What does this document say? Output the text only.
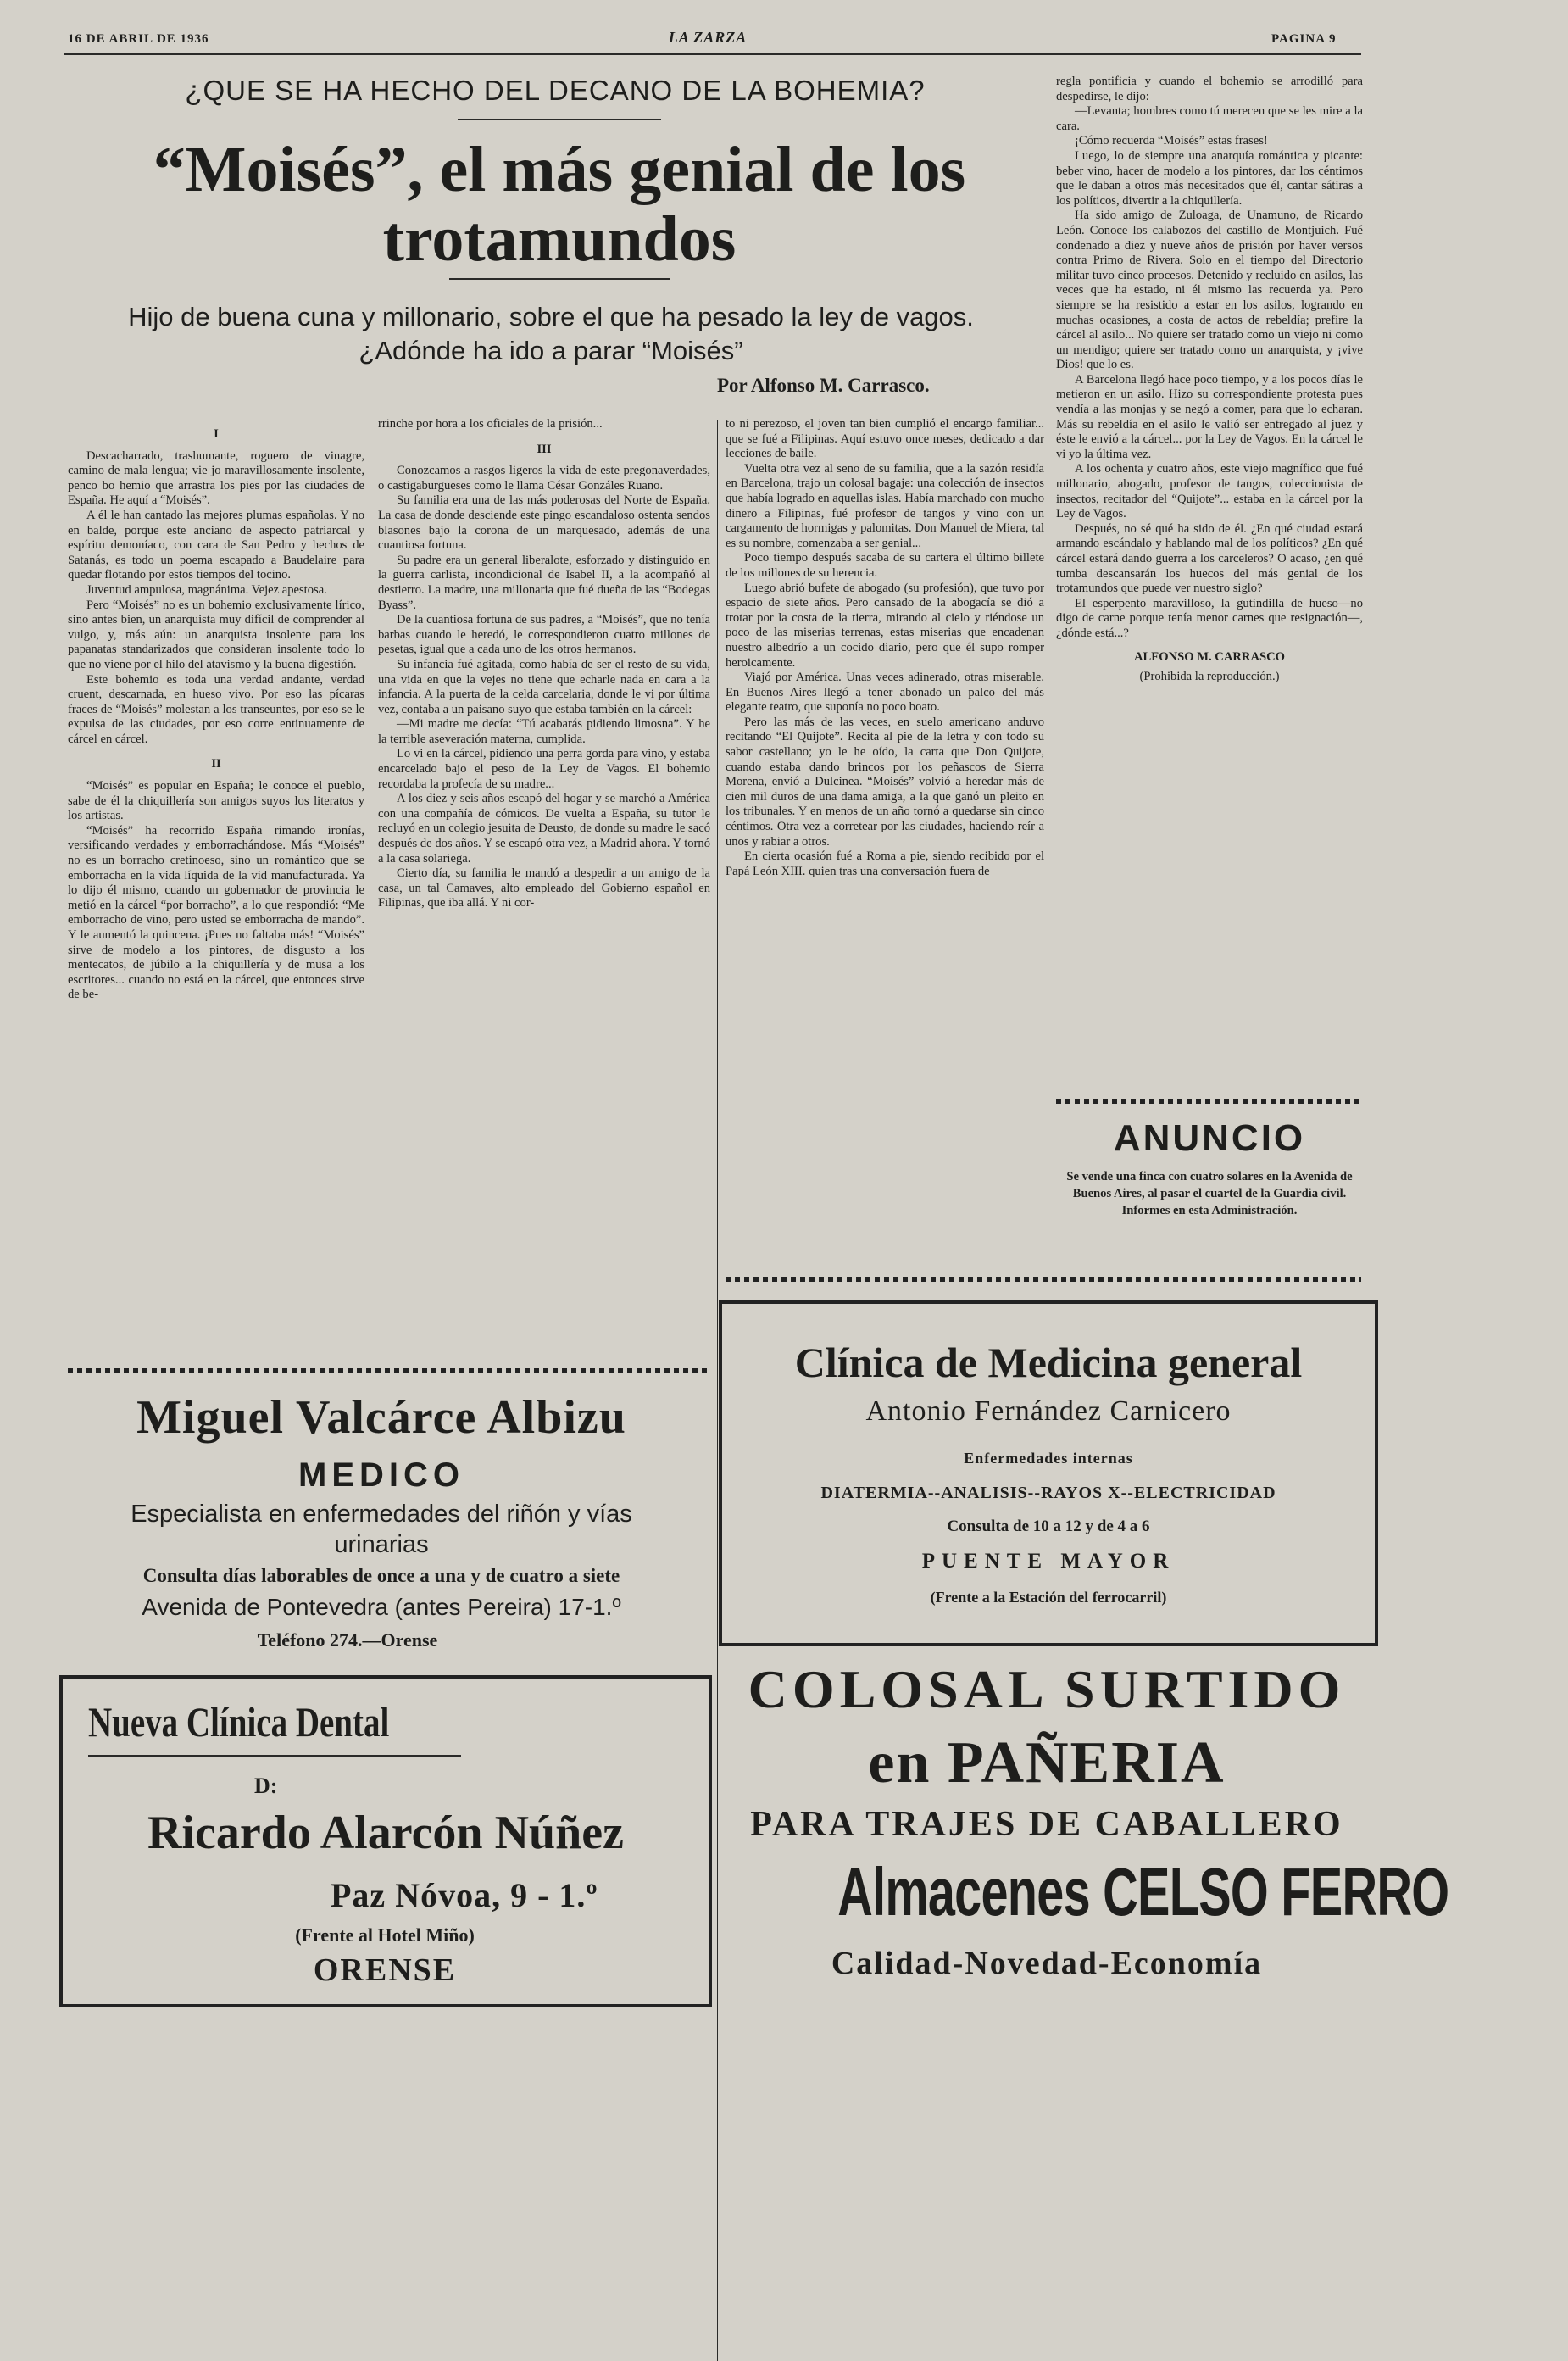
16 DE ABRIL DE 1936	LA ZARZA	PAGINA 9
¿QUE SE HA HECHO DEL DECANO DE LA BOHEMIA?
“Moisés”, el más genial de los
trotamundos
Hijo de buena cuna y millonario, sobre el que ha pesado la ley de vagos.
¿Adónde ha ido a parar “Moisés”
Por Alfonso M. Carrasco.

I

Descacharrado, trashumante, roguero de vinagre, camino de mala lengua; vie jo maravillosamente insolente, penco bo hemio que arrastra los pies por las ciudades de España. He aquí a “Moisés”.

A él le han cantado las mejores plumas españolas. Y no en balde, porque este anciano de aspecto patriarcal y espíritu demoníaco, con cara de San Pedro y hechos de Satanás, es todo un poema escapado a Baudelaire para quedar flotando por estos tiempos del tocino.

Juventud ampulosa, magnánima. Vejez apestosa.

Pero “Moisés” no es un bohemio exclusivamente lírico, sino antes bien, un anarquista muy difícil de comprender al vulgo, y, más aún: un anarquista insolente para los papanatas standarizados que consideran insolente todo lo que no viene por el hilo del atavismo y la buena digestión.

Este bohemio es toda una verdad andante, verdad cruent, descarnada, en hueso vivo. Por eso las pícaras fraces de “Moisés” molestan a los transeuntes, por eso se le expulsa de las ciudades, por eso corre entinuamente de cárcel en cárcel.

II

“Moisés” es popular en España; le conoce el pueblo, sabe de él la chiquillería son amigos suyos los literatos y los artistas.

“Moisés” ha recorrido España rimando ironías, versificando verdades y emborrachándose. Más “Moisés” no es un borracho cretinoeso, sino un romántico que se emborracha en la vida líquida de la vid manufacturada. Ya lo dijo él mismo, cuando un gobernador de provincia le metió en la cárcel “por borracho”, a lo que respondió: “Me emborracho de vino, pero usted se emborracha de mando”. Y le aumentó la quincena. ¡Pues no faltaba más! “Moisés” sirve de modelo a los pintores, de disgusto a los mentecatos, de júbilo a la chiquillería y de musa a los escritores... cuando no está en la cárcel, que entonces sirve de be-

rrinche por hora a los oficiales de la prisión...

III

Conozcamos a rasgos ligeros la vida de este pregonaverdades, o castigaburgueses como le llama César Gonzáles Ruano.

Su familia era una de las más poderosas del Norte de España. La casa de donde desciende este pingo escandaloso ostenta sendos blasones bajo la corona de un marquesado, además de una cuantiosa fortuna.

Su padre era un general liberalote, esforzado y distinguido en la guerra carlista, incondicional de Isabel II, a la acompañó al destierro. La madre, una millonaria que fué dueña de las “Bodegas Byass”.

De la cuantiosa fortuna de sus padres, a “Moisés”, que no tenía barbas cuando le heredó, le correspondieron cuatro millones de pesetas, igual que a cada uno de los otros hermanos.

Su infancia fué agitada, como había de ser el resto de su vida, una vida en que la vejes no tiene que echarle nada en cara a la infancia. A la puerta de la celda carcelaria, donde le vi por última vez, contaba a un paisano suyo que estaba también en la cárcel:

—Mi madre me decía: “Tú acabarás pidiendo limosna”. Y he la terrible aseveración materna, cumplida.

Lo vi en la cárcel, pidiendo una perra gorda para vino, y estaba encarcelado bajo el peso de la Ley de Vagos. El bohemio recordaba la profecía de su madre...

A los diez y seis años escapó del hogar y se marchó a América con una compañía de cómicos. De vuelta a España, su tutor le recluyó en un colegio jesuita de Deusto, de donde su madre le sacó después de dos años. Y se escapó otra vez, a Madrid ahora. Y tornó a la casa solariega.

Cierto día, su familia le mandó a despedir a un amigo de la casa, un tal Camaves, alto empleado del Gobierno español en Filipinas, que iba allá. Y ni cor-

to ni perezoso, el joven tan bien cumplió el encargo familiar... que se fué a Filipinas. Aquí estuvo once meses, dedicado a dar lecciones de baile.

Vuelta otra vez al seno de su familia, que a la sazón residía en Barcelona, trajo un colosal bagaje: una colección de insectos que había logrado en aquellas islas. Había marchado con mucho dinero a Filipinas, fué profesor de tangos y vino con un cargamento de hormigas y palomitas. Don Manuel de Miera, tal es su nombre, comenzaba a ser genial...

Poco tiempo después sacaba de su cartera el último billete de los millones de su herencia.

Luego abrió bufete de abogado (su profesión), que tuvo por espacio de siete años. Pero cansado de la abogacía se dió a trotar por la costa de la tierra, mirando al cielo y riéndose un poco de las miserias terrenas, estas miserias que encadenan nuestro albedrío a un cocido diario, pero que él supo romper heroicamente.

Viajó por América. Unas veces adinerado, otras miserable. En Buenos Aires llegó a tener abonado un palco del más elegante teatro, que suponía no poco boato.

Pero las más de las veces, en suelo americano anduvo recitando “El Quijote”. Recita al pie de la letra y con todo su sabor castellano; yo le he oído, la carta que Don Quijote, cuando estaba dando brincos por los peñascos de Sierra Morena, envió a Dulcinea. “Moisés” volvió a heredar más de cien mil duros de una dama amiga, a la que ganó un pleito en los tribunales. Y en menos de un año tornó a quedarse sin cinco céntimos. Otra vez a corretear por las ciudades, haciendo reír a unos y rabiar a otros.

En cierta ocasión fué a Roma a pie, siendo recibido por el Papá León XIII. quien tras una conversación fuera de

regla pontificia y cuando el bohemio se arrodilló para despedirse, le dijo:

—Levanta; hombres como tú merecen que se les mire a la cara.

¡Cómo recuerda “Moisés” estas frases!

Luego, lo de siempre una anarquía romántica y picante: beber vino, hacer de modelo a los pintores, dar los céntimos que le daban a otros más necesitados que él, cantar sátiras a los políticos, divertir a la chiquillería.

Ha sido amigo de Zuloaga, de Unamuno, de Ricardo León. Conoce los calabozos del castillo de Montjuich. Fué condenado a diez y nueve años de prisión por haver versos contra Primo de Rivera. Solo en el tiempo del Directorio militar tuvo cinco procesos. Detenido y recluido en asilos, las veces que ha estado, ni él mismo las recuerda ya. Pero siempre se ha resistido a estar en los asilos, logrando en muchas ocasiones, a costa de actos de rebeldía; prefire la cárcel al asilo... No quiere ser tratado como un viejo ni como un mendigo; quiere ser tratado como un anarquista, y ¡vive Dios! que lo es.

A Barcelona llegó hace poco tiempo, y a los pocos días le metieron en un asilo. Hizo su correspondiente protesta pues vendía a las monjas y se negó a comer, para que lo echaran. Más su rebeldía en el asilo le valió ser entregado al juez y éste le envió a la cárcel... por la Ley de Vagos. En la cárcel le vi yo la última vez.

A los ochenta y cuatro años, este viejo magnífico que fué millonario, abogado, profesor de tangos, coleccionista de insectos, recitador del “Quijote”... estaba en la cárcel por la Ley de Vagos.

Después, no sé qué ha sido de él. ¿En qué ciudad estará armando escándalo y hablando mal de los políticos? ¿En qué cárcel estará dando guerra a los carceleros? O acaso, ¿en qué tumba descansarán los huecos del más genial de los trotamundos que puede ver nuestro siglo?

El esperpento maravilloso, la gutindilla de hueso—no digo de carne porque tenía menor carnes que resignación—, ¿dónde está...?

ALFONSO M. CARRASCO

(Prohibida la reproducción.)

ANUNCIO
Se vende una finca con cuatro solares en la Avenida de Buenos Aires, al pasar el cuartel de la Guardia civil. Informes en esta Administración.
Clínica de Medicina general
Antonio Fernández Carnicero
Enfermedades internas
DIATERMIA--ANALISIS--RAYOS X--ELECTRICIDAD
Consulta de 10 a 12 y de 4 a 6
PUENTE MAYOR
(Frente a la Estación del ferrocarril)
Miguel Valcárce Albizu
MEDICO
Especialista en enfermedades del riñón y vías
urinarias
Consulta días laborables de once a una y de cuatro a siete
Avenida de Pontevedra (antes Pereira) 17-1.º
Teléfono 274.—Orense
Nueva Clínica Dental
D:
Ricardo Alarcón Núñez
Paz Nóvoa, 9 - 1.º
(Frente al Hotel Miño)
ORENSE
COLOSAL SURTIDO
en PAÑERIA
PARA TRAJES DE CABALLERO
Almacenes CELSO FERRO
Calidad-Novedad-Economía
